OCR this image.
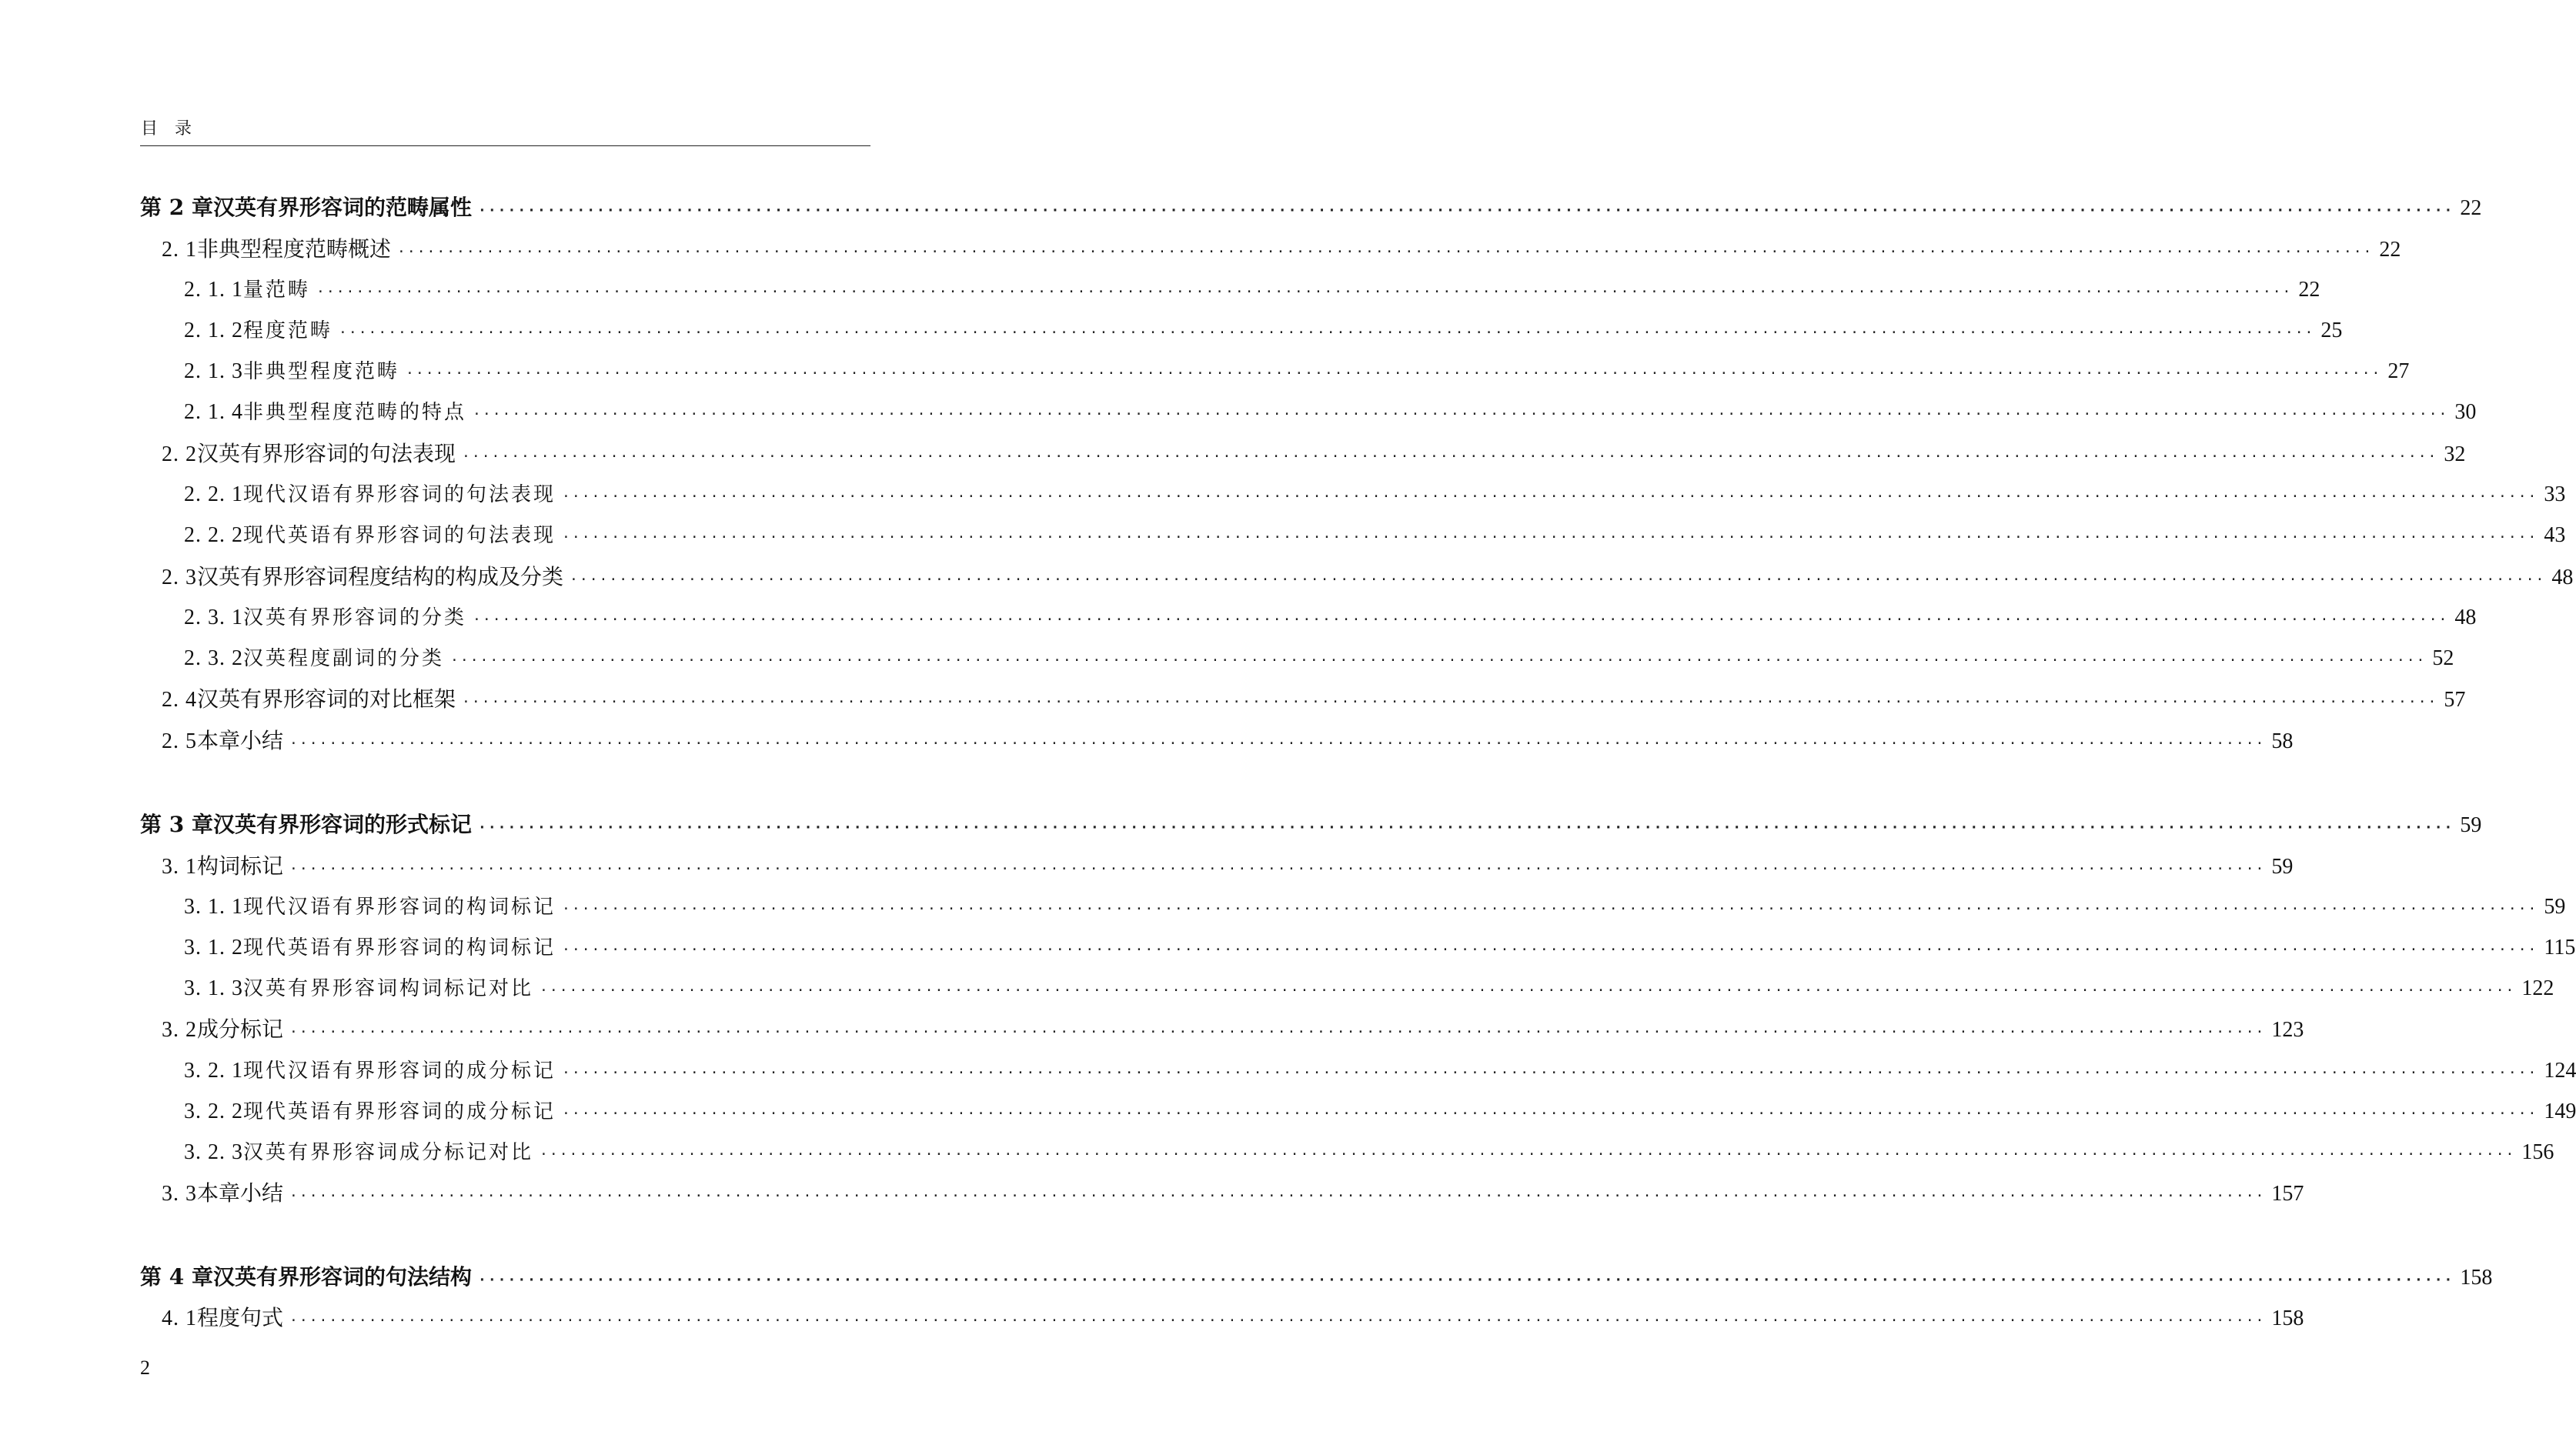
目　录
第 2 章 汉英有界形容词的范畴属性 ········································································································································································································ 22
2. 1 非典型程度范畴概述 ········································································································································································································ 22
2. 1. 1 量范畴 ········································································································································································································ 22
2. 1. 2 程度范畴 ········································································································································································································ 25
2. 1. 3 非典型程度范畴 ········································································································································································································ 27
2. 1. 4 非典型程度范畴的特点 ········································································································································································································ 30
2. 2 汉英有界形容词的句法表现 ········································································································································································································ 32
2. 2. 1 现代汉语有界形容词的句法表现 ········································································································································································································ 33
2. 2. 2 现代英语有界形容词的句法表现 ········································································································································································································ 43
2. 3 汉英有界形容词程度结构的构成及分类 ········································································································································································································ 48
2. 3. 1 汉英有界形容词的分类 ········································································································································································································ 48
2. 3. 2 汉英程度副词的分类 ········································································································································································································ 52
2. 4 汉英有界形容词的对比框架 ········································································································································································································ 57
2. 5 本章小结 ········································································································································································································ 58
第 3 章 汉英有界形容词的形式标记 ········································································································································································································ 59
3. 1 构词标记 ········································································································································································································ 59
3. 1. 1 现代汉语有界形容词的构词标记 ········································································································································································································ 59
3. 1. 2 现代英语有界形容词的构词标记 ········································································································································································································ 115
3. 1. 3 汉英有界形容词构词标记对比 ········································································································································································································ 122
3. 2 成分标记 ········································································································································································································ 123
3. 2. 1 现代汉语有界形容词的成分标记 ········································································································································································································ 124
3. 2. 2 现代英语有界形容词的成分标记 ········································································································································································································ 149
3. 2. 3 汉英有界形容词成分标记对比 ········································································································································································································ 156
3. 3 本章小结 ········································································································································································································ 157
第 4 章 汉英有界形容词的句法结构 ········································································································································································································ 158
4. 1 程度句式 ········································································································································································································ 158
2
